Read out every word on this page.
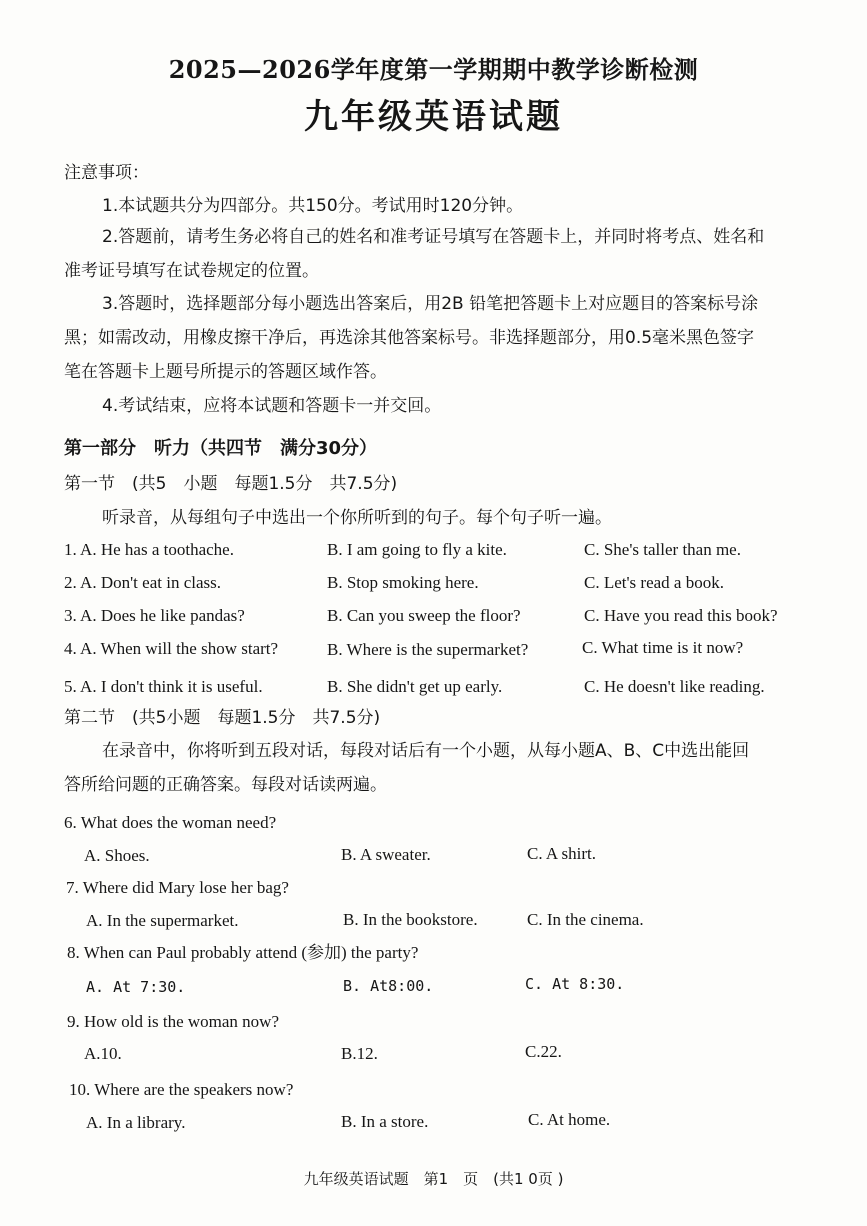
2025—2026学年度第一学期期中教学诊断检测
九年级英语试题
注意事项：
1.本试题共分为四部分。共150分。考试用时120分钟。
2.答题前，请考生务必将自己的姓名和准考证号填写在答题卡上，并同时将考点、姓名和
准考证号填写在试卷规定的位置。
3.答题时，选择题部分每小题选出答案后，用2B 铅笔把答题卡上对应题目的答案标号涂
黑；如需改动，用橡皮擦干净后，再选涂其他答案标号。非选择题部分，用0.5毫米黑色签字
笔在答题卡上题号所提示的答题区域作答。
4.考试结束，应将本试题和答题卡一并交回。
第一部分　听力（共四节　满分30分）
第一节　(共5　小题　每题1.5分　共7.5分)
听录音，从每组句子中选出一个你所听到的句子。每个句子听一遍。
1. A. He has a toothache.	B. I am going to fly a kite.	C. She's taller than me.
2. A. Don't eat in class.	B. Stop smoking here.	C. Let's read a book.
3. A. Does he like pandas?	B. Can you sweep the floor?	C. Have you read this book?
4. A. When will the show start?	B. Where is the supermarket?	C. What time is it now?
5. A. I don't think it is useful.	B. She didn't get up early.	C. He doesn't like reading.
第二节　(共5小题　每题1.5分　共7.5分)
在录音中，你将听到五段对话，每段对话后有一个小题，从每小题A、B、C中选出能回
答所给问题的正确答案。每段对话读两遍。
6. What does the woman need?
A. Shoes.	B. A sweater.	C. A shirt.
7. Where did Mary lose her bag?
A. In the supermarket.	B. In the bookstore.	C. In the cinema.
8. When can Paul probably attend (参加) the party?
A. At 7:30.	B. At8:00.	C. At 8:30.
9. How old is the woman now?
A.10.	B.12.	C.22.
10. Where are the speakers now?
A. In a library.	B. In a store.	C. At home.
九年级英语试题　第1　页　(共1 0页 )
